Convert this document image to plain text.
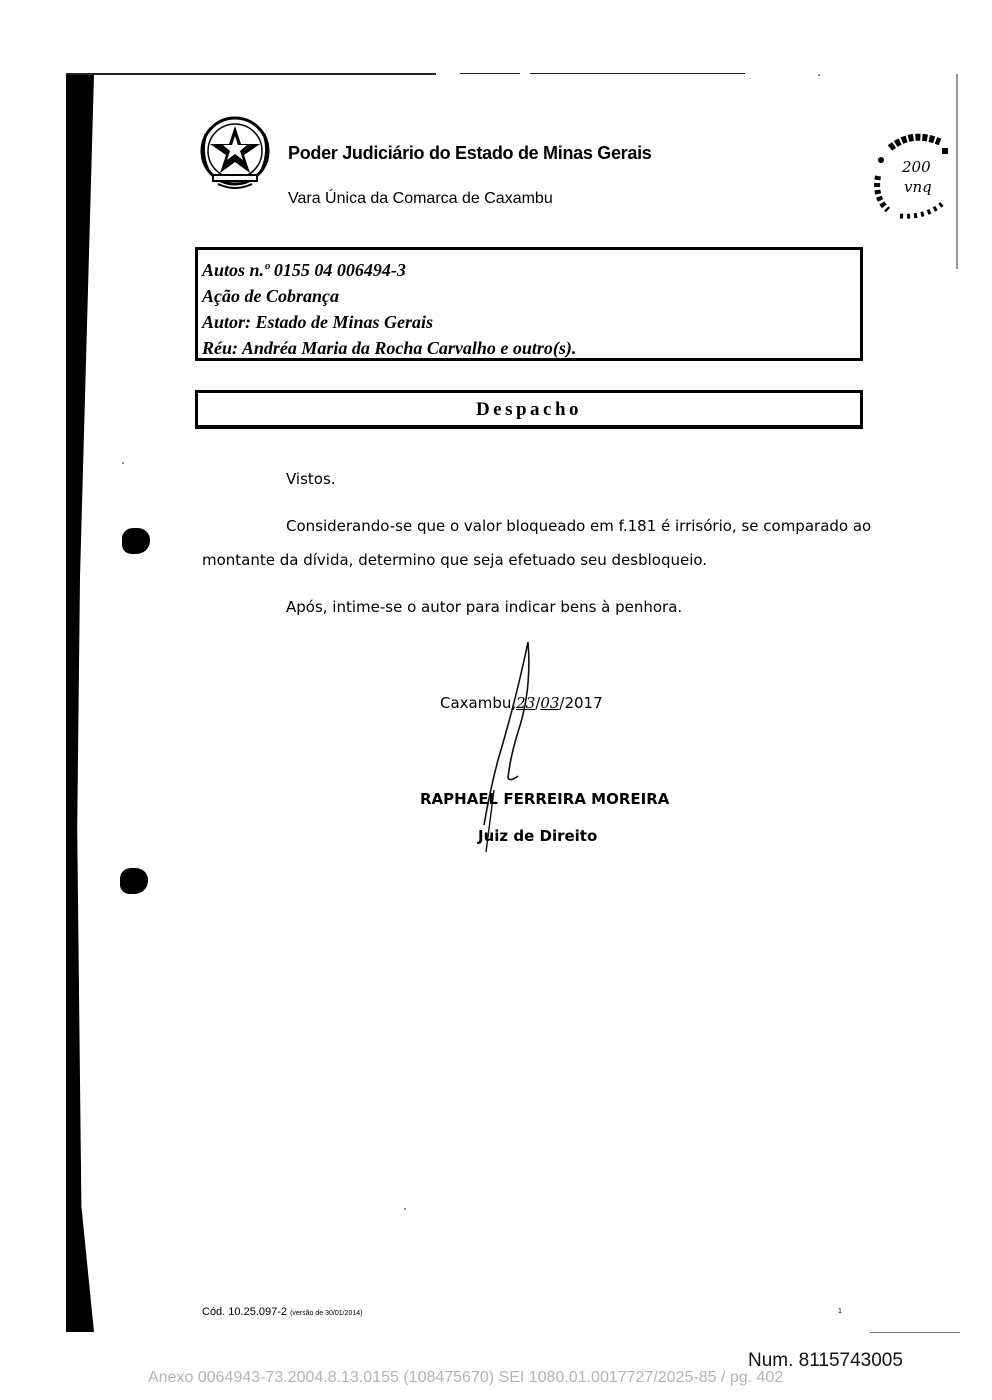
Poder Judiciário do Estado de Minas Gerais
Vara Única da Comarca de Caxambu
200
vnq
Autos n.º 0155 04 006494-3
Ação de Cobrança
Autor: Estado de Minas Gerais
Réu: Andréa Maria da Rocha Carvalho e outro(s).
Despacho
Vistos.
Considerando-se que o valor bloqueado em f.181 é irrisório, se comparado ao
montante da dívida, determino que seja efetuado seu desbloqueio.
Após, intime-se o autor para indicar bens à penhora.
Caxambu,23/03/2017
RAPHAEL FERREIRA MOREIRA
Juiz de Direito
Cód. 10.25.097-2 (versão de 30/01/2014)	1
Num. 8115743005
Anexo 0064943-73.2004.8.13.0155 (108475670) SEI 1080.01.0017727/2025-85 / pg. 402
